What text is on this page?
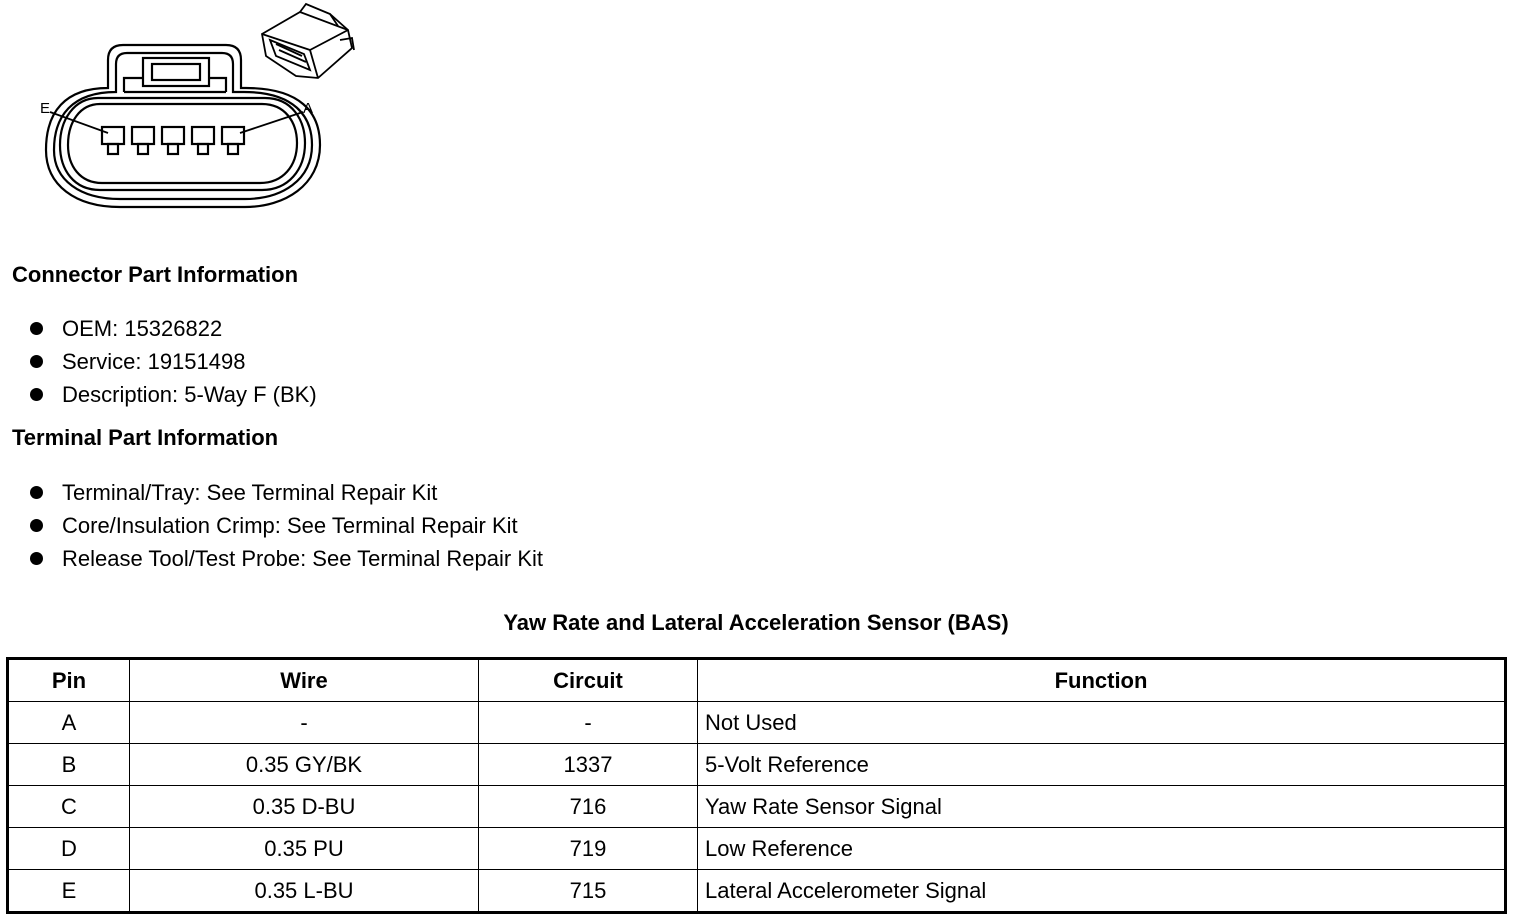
E	A
Connector Part Information
OEM: 15326822
Service: 19151498
Description: 5-Way F (BK)
Terminal Part Information
Terminal/Tray: See Terminal Repair Kit
Core/Insulation Crimp: See Terminal Repair Kit
Release Tool/Test Probe: See Terminal Repair Kit
Yaw Rate and Lateral Acceleration Sensor (BAS)
Pin	Wire	Circuit	Function
A	-	-	Not Used
B	0.35 GY/BK	1337	5-Volt Reference
C	0.35 D-BU	716	Yaw Rate Sensor Signal
D	0.35 PU	719	Low Reference
E	0.35 L-BU	715	Lateral Accelerometer Signal
